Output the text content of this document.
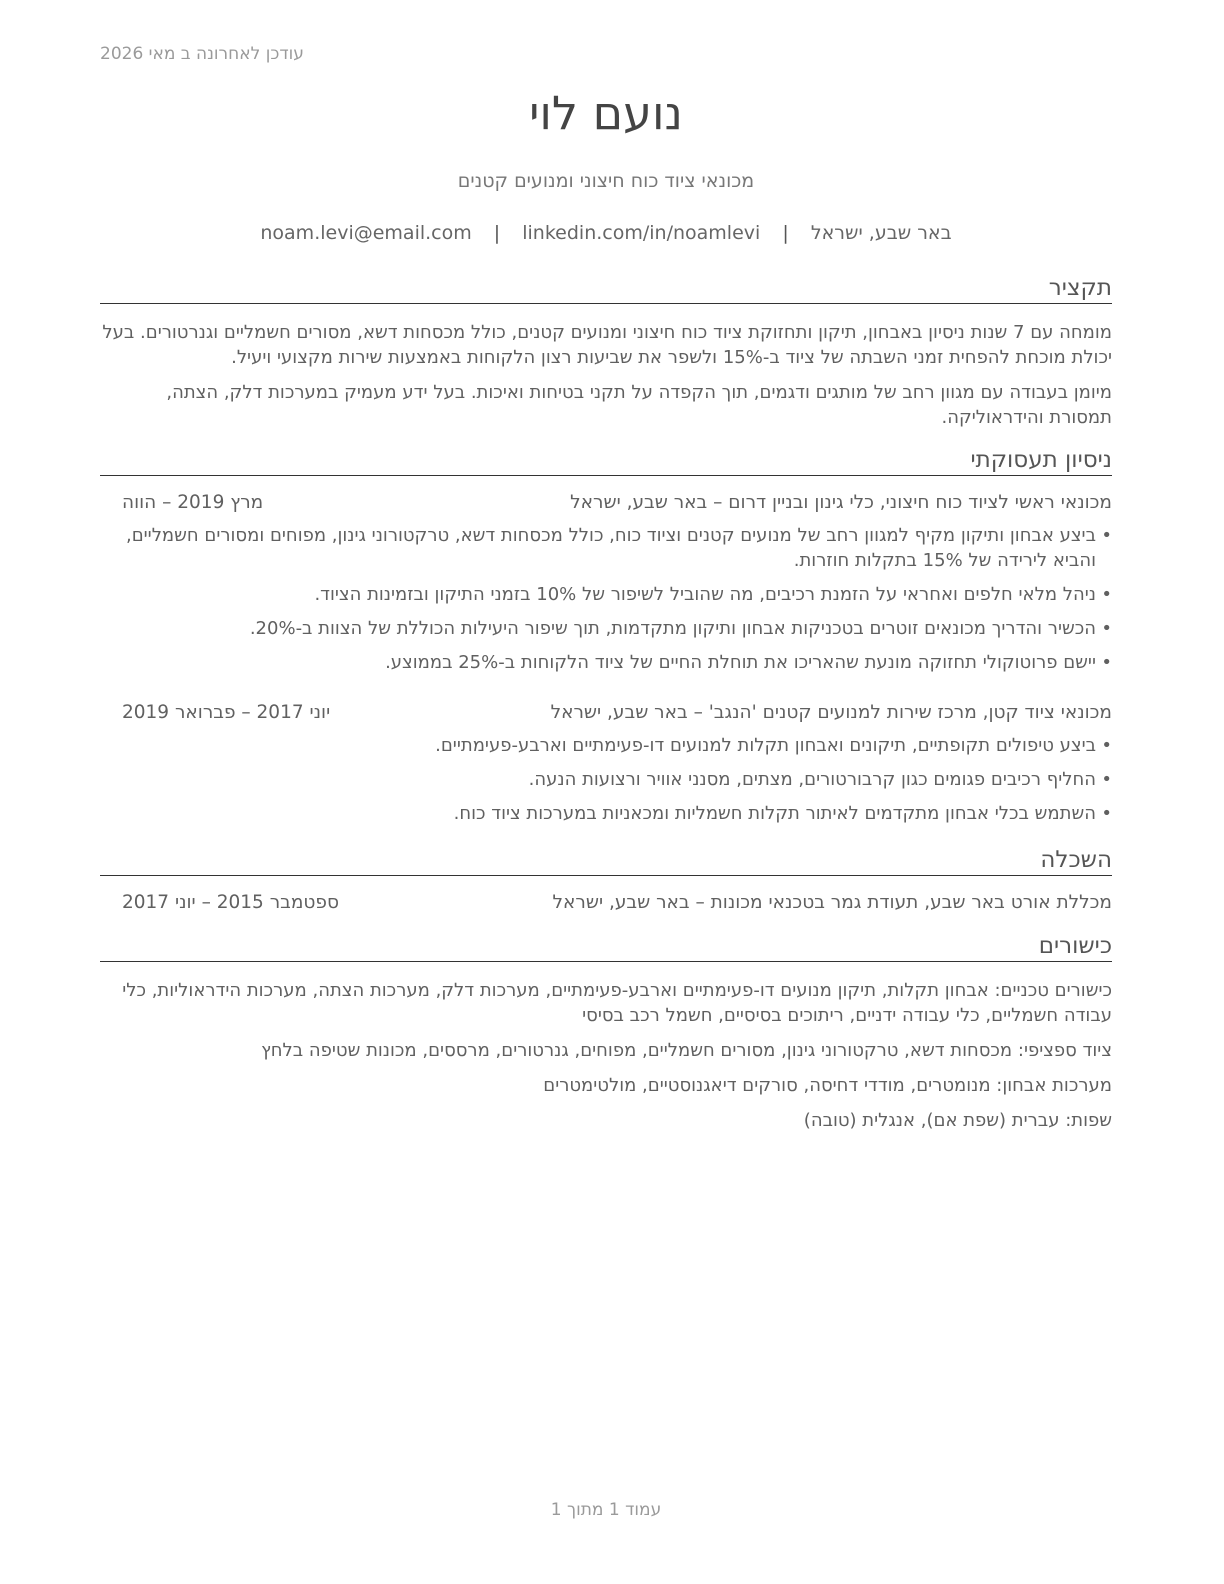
עודכן לאחרונה ב מאי 2026
נועם לוי
מכונאי ציוד כוח חיצוני ומנועים קטנים
באר שבע, ישראל | noam.levi@email.com | linkedin.com/in/noamlevi
תקציר
מומחה עם 7 שנות ניסיון באבחון, תיקון ותחזוקת ציוד כוח חיצוני ומנועים קטנים, כולל מכסחות דשא, מסורים חשמליים וגנרטורים. בעל יכולת מוכחת להפחית זמני השבתה של ציוד ב-15% ולשפר את שביעות רצון הלקוחות באמצעות שירות מקצועי ויעיל.
מיומן בעבודה עם מגוון רחב של מותגים ודגמים, תוך הקפדה על תקני בטיחות ואיכות. בעל ידע מעמיק במערכות דלק, הצתה, תמסורת והידראוליקה.
ניסיון תעסוקתי
מכונאי ראשי לציוד כוח חיצוני, כלי גינון ובניין דרום – באר שבע, ישראל
מרץ 2019 – הווה
• ביצע אבחון ותיקון מקיף למגוון רחב של מנועים קטנים וציוד כוח, כולל מכסחות דשא, טרקטורוני גינון, מפוחים ומסורים חשמליים, והביא לירידה של 15% בתקלות חוזרות.
• ניהל מלאי חלפים ואחראי על הזמנת רכיבים, מה שהוביל לשיפור של 10% בזמני התיקון ובזמינות הציוד.
• הכשיר והדריך מכונאים זוטרים בטכניקות אבחון ותיקון מתקדמות, תוך שיפור היעילות הכוללת של הצוות ב-20%.
• יישם פרוטוקולי תחזוקה מונעת שהאריכו את תוחלת החיים של ציוד הלקוחות ב-25% בממוצע.
מכונאי ציוד קטן, מרכז שירות למנועים קטנים 'הנגב' – באר שבע, ישראל
יוני 2017 – פברואר 2019
• ביצע טיפולים תקופתיים, תיקונים ואבחון תקלות למנועים דו-פעימתיים וארבע-פעימתיים.
• החליף רכיבים פגומים כגון קרבורטורים, מצתים, מסנני אוויר ורצועות הנעה.
• השתמש בכלי אבחון מתקדמים לאיתור תקלות חשמליות ומכאניות במערכות ציוד כוח.
השכלה
מכללת אורט באר שבע, תעודת גמר בטכנאי מכונות – באר שבע, ישראל
ספטמבר 2015 – יוני 2017
כישורים
כישורים טכניים: אבחון תקלות, תיקון מנועים דו-פעימתיים וארבע-פעימתיים, מערכות דלק, מערכות הצתה, מערכות הידראוליות, כלי עבודה חשמליים, כלי עבודה ידניים, ריתוכים בסיסיים, חשמל רכב בסיסי
ציוד ספציפי: מכסחות דשא, טרקטורוני גינון, מסורים חשמליים, מפוחים, גנרטורים, מרססים, מכונות שטיפה בלחץ
מערכות אבחון: מנומטרים, מודדי דחיסה, סורקים דיאגנוסטיים, מולטימטרים
שפות: עברית (שפת אם), אנגלית (טובה)
עמוד 1 מתוך 1
